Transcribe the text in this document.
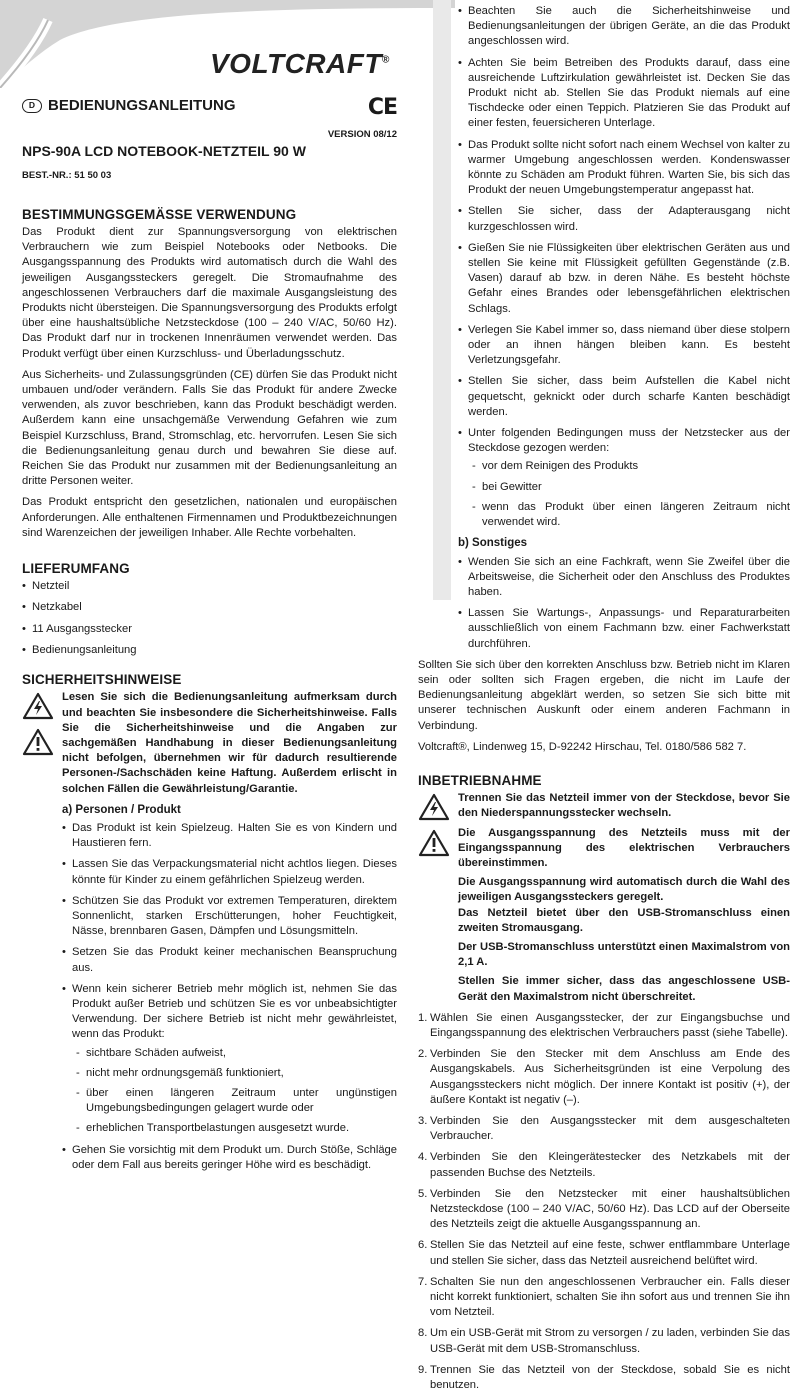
VOLTCRAFT®
D BEDIENUNGSANLEITUNG	CE
VERSION 08/12
NPS-90A LCD NOTEBOOK-NETZTEIL 90 W
BEST.-NR.: 51 50 03
BESTIMMUNGSGEMÄSSE VERWENDUNG

Das Produkt dient zur Spannungsversorgung von elektrischen Verbrauchern wie zum Beispiel Notebooks oder Netbooks. Die Ausgangsspannung des Produkts wird automatisch durch die Wahl des jeweiligen Ausgangssteckers geregelt. Die Stromaufnahme des angeschlossenen Verbrauchers darf die maximale Ausgangsleistung des Produkts nicht übersteigen. Die Spannungsversorgung des Produkts erfolgt über eine haushaltsübliche Netzsteckdose (100 – 240 V/AC, 50/60 Hz). Das Produkt darf nur in trockenen Innenräumen verwendet werden. Das Produkt verfügt über einen Kurzschluss- und Überladungsschutz.

Aus Sicherheits- und Zulassungsgründen (CE) dürfen Sie das Produkt nicht umbauen und/oder verändern. Falls Sie das Produkt für andere Zwecke verwenden, als zuvor beschrieben, kann das Produkt beschädigt werden. Außerdem kann eine unsachgemäße Verwendung Gefahren wie zum Beispiel Kurzschluss, Brand, Stromschlag, etc. hervorrufen. Lesen Sie sich die Bedienungsanleitung genau durch und bewahren Sie diese auf. Reichen Sie das Produkt nur zusammen mit der Bedienungsanleitung an dritte Personen weiter.

Das Produkt entspricht den gesetzlichen, nationalen und europäischen Anforderungen. Alle enthaltenen Firmennamen und Produktbezeichnungen sind Warenzeichen der jeweiligen Inhaber. Alle Rechte vorbehalten.

LIEFERUMFANG
• Netzteil
• Netzkabel
• 11 Ausgangsstecker
• Bedienungsanleitung
SICHERHEITSHINWEISE

Lesen Sie sich die Bedienungsanleitung aufmerksam durch und beachten Sie insbesondere die Sicherheitshinweise. Falls Sie die Sicherheitshinweise und die Angaben zur sachgemäßen Handhabung in dieser Bedienungsanleitung nicht befolgen, übernehmen wir für dadurch resultierende Personen-/Sachschäden keine Haftung. Außerdem erlischt in solchen Fällen die Gewährleistung/Garantie.

a) Personen / Produkt
• Das Produkt ist kein Spielzeug. Halten Sie es von Kindern und Haustieren fern.
• Lassen Sie das Verpackungsmaterial nicht achtlos liegen. Dieses könnte für Kinder zu einem gefährlichen Spielzeug werden.
• Schützen Sie das Produkt vor extremen Temperaturen, direktem Sonnenlicht, starken Erschütterungen, hoher Feuchtigkeit, Nässe, brennbaren Gasen, Dämpfen und Lösungsmitteln.
• Setzen Sie das Produkt keiner mechanischen Beanspruchung aus.
• Wenn kein sicherer Betrieb mehr möglich ist, nehmen Sie das Produkt außer Betrieb und schützen Sie es vor unbeabsichtigter Verwendung. Der sichere Betrieb ist nicht mehr gewährleistet, wenn das Produkt:
- sichtbare Schäden aufweist,
- nicht mehr ordnungsgemäß funktioniert,
- über einen längeren Zeitraum unter ungünstigen Umgebungsbedingungen gelagert wurde oder
- erheblichen Transportbelastungen ausgesetzt wurde.
• Gehen Sie vorsichtig mit dem Produkt um. Durch Stöße, Schläge oder dem Fall aus bereits geringer Höhe wird es beschädigt.
• Beachten Sie auch die Sicherheitshinweise und Bedienungsanleitungen der übrigen Geräte, an die das Produkt angeschlossen wird.
• Achten Sie beim Betreiben des Produkts darauf, dass eine ausreichende Luftzirkulation gewährleistet ist. Decken Sie das Produkt nicht ab. Stellen Sie das Produkt niemals auf eine Tischdecke oder einen Teppich. Platzieren Sie das Produkt auf einer festen, feuersicheren Unterlage.
• Das Produkt sollte nicht sofort nach einem Wechsel von kalter zu warmer Umgebung angeschlossen werden. Kondenswasser könnte zu Schäden am Produkt führen. Warten Sie, bis sich das Produkt der neuen Umgebungstemperatur angepasst hat.
• Stellen Sie sicher, dass der Adapterausgang nicht kurzgeschlossen wird.
• Gießen Sie nie Flüssigkeiten über elektrischen Geräten aus und stellen Sie keine mit Flüssigkeit gefüllten Gegenstände (z.B. Vasen) darauf ab bzw. in deren Nähe. Es besteht höchste Gefahr eines Brandes oder lebensgefährlichen elektrischen Schlags.
• Verlegen Sie Kabel immer so, dass niemand über diese stolpern oder an ihnen hängen bleiben kann. Es besteht Verletzungsgefahr.
• Stellen Sie sicher, dass beim Aufstellen die Kabel nicht gequetscht, geknickt oder durch scharfe Kanten beschädigt werden.
• Unter folgenden Bedingungen muss der Netzstecker aus der Steckdose gezogen werden:
- vor dem Reinigen des Produkts
- bei Gewitter
- wenn das Produkt über einen längeren Zeitraum nicht verwendet wird.
b) Sonstiges
• Wenden Sie sich an eine Fachkraft, wenn Sie Zweifel über die Arbeitsweise, die Sicherheit oder den Anschluss des Produktes haben.
• Lassen Sie Wartungs-, Anpassungs- und Reparaturarbeiten ausschließlich von einem Fachmann bzw. einer Fachwerkstatt durchführen.

Sollten Sie sich über den korrekten Anschluss bzw. Betrieb nicht im Klaren sein oder sollten sich Fragen ergeben, die nicht im Laufe der Bedienungsanleitung abgeklärt werden, so setzen Sie sich bitte mit unserer technischen Auskunft oder einem anderen Fachmann in Verbindung.

Voltcraft®, Lindenweg 15, D-92242 Hirschau, Tel. 0180/586 582 7.

INBETRIEBNAHME

Trennen Sie das Netzteil immer von der Steckdose, bevor Sie den Niederspannungsstecker wechseln.

Die Ausgangsspannung des Netzteils muss mit der Eingangsspannung des elektrischen Verbrauchers übereinstimmen.

Die Ausgangsspannung wird automatisch durch die Wahl des jeweiligen Ausgangssteckers geregelt.

Das Netzteil bietet über den USB-Stromanschluss einen zweiten Stromausgang.

Der USB-Stromanschluss unterstützt einen Maximalstrom von 2,1 A.

Stellen Sie immer sicher, dass das angeschlossene USB-Gerät den Maximalstrom nicht überschreitet.

1. Wählen Sie einen Ausgangsstecker, der zur Eingangsbuchse und Eingangsspannung des elektrischen Verbrauchers passt (siehe Tabelle).
2. Verbinden Sie den Stecker mit dem Anschluss am Ende des Ausgangskabels. Aus Sicherheitsgründen ist eine Verpolung des Ausgangssteckers nicht möglich. Der innere Kontakt ist positiv (+), der äußere Kontakt ist negativ (–).
3. Verbinden Sie den Ausgangsstecker mit dem ausgeschalteten Verbraucher.
4. Verbinden Sie den Kleingerätestecker des Netzkabels mit der passenden Buchse des Netzteils.
5. Verbinden Sie den Netzstecker mit einer haushaltsüblichen Netzsteckdose (100 – 240 V/AC, 50/60 Hz). Das LCD auf der Oberseite des Netzteils zeigt die aktuelle Ausgangsspannung an.
6. Stellen Sie das Netzteil auf eine feste, schwer entflammbare Unterlage und stellen Sie sicher, dass das Netzteil ausreichend belüftet wird.
7. Schalten Sie nun den angeschlossenen Verbraucher ein. Falls dieser nicht korrekt funktioniert, schalten Sie ihn sofort aus und trennen Sie ihn vom Netzteil.
8. Um ein USB-Gerät mit Strom zu versorgen / zu laden, verbinden Sie das USB-Gerät mit dem USB-Stromanschluss.
9. Trennen Sie das Netzteil von der Steckdose, sobald Sie es nicht benutzen.
